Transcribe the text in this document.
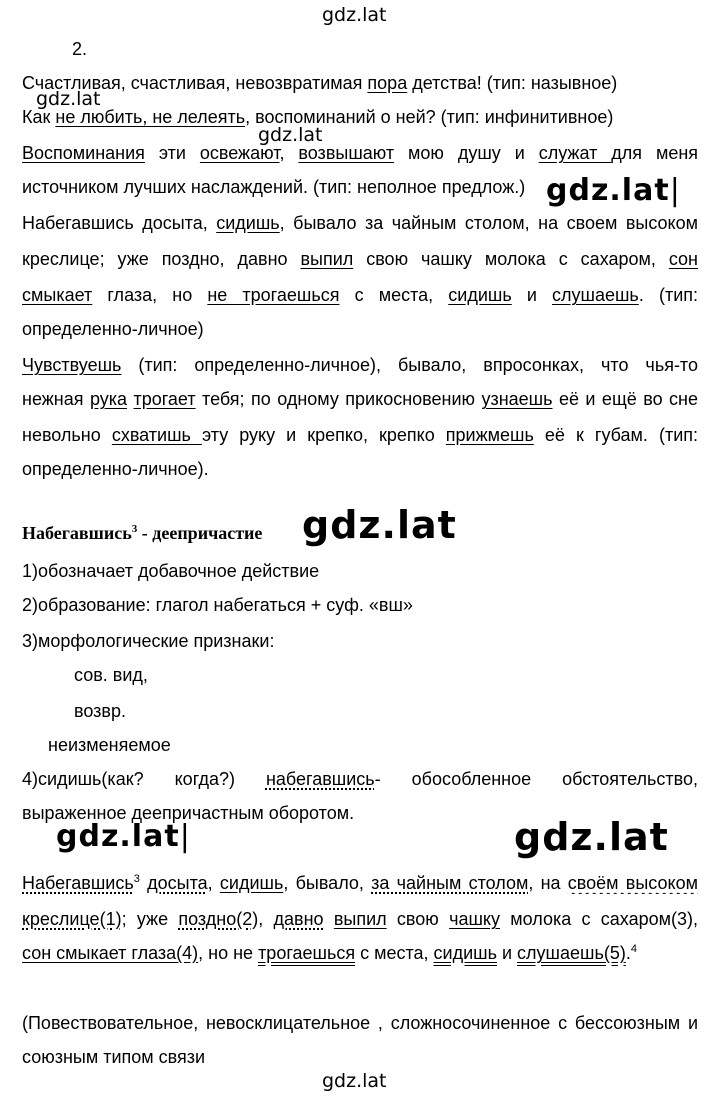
gdz.lat
gdz.lat
gdz.lat
gdz.lat|
gdz.lat
gdz.lat|	gdz.lat
gdz.lat
2.
Счастливая, счастливая, невозвратимая пора детства! (тип: назывное)
Как не любить, не лелеять, воспоминаний о ней? (тип: инфинитивное)
Воспоминания эти освежают, возвышают мою душу и служат для меня
источником лучших наслаждений. (тип: неполное предлож.)
Набегавшись досыта, сидишь, бывало за чайным столом, на своем высоком
креслице; уже поздно, давно выпил свою чашку молока с сахаром, сон
смыкает глаза, но не трогаешься с места, сидишь и слушаешь. (тип:
определенно-личное)
Чувствуешь (тип: определенно-личное), бывало, впросонках, что чья-то
нежная рука трогает тебя; по одному прикосновению узнаешь её и ещё во сне
невольно схватишь эту руку и крепко, крепко прижмешь её к губам. (тип:
определенно-личное).
Набегавшись$^3$ - деепричастие
1)обозначает добавочное действие
2)образование: глагол набегаться + суф. «вш»
3)морфологические признаки:
сов. вид,
возвр.
неизменяемое
4)сидишь(как? когда?) набегавшись- обособленное обстоятельство,
выраженное деепричастным оборотом.
Набегавшись$^3$ досыта, сидишь, бывало, за чайным столом, на своём высоком
креслице(1); уже поздно(2), давно выпил свою чашку молока с сахаром(3),
сон смыкает глаза(4), но не трогаешься с места, сидишь и слушаешь(5).$^4$
(Повествовательное, невосклицательное , сложносочиненное с бессоюзным и
союзным типом связи
